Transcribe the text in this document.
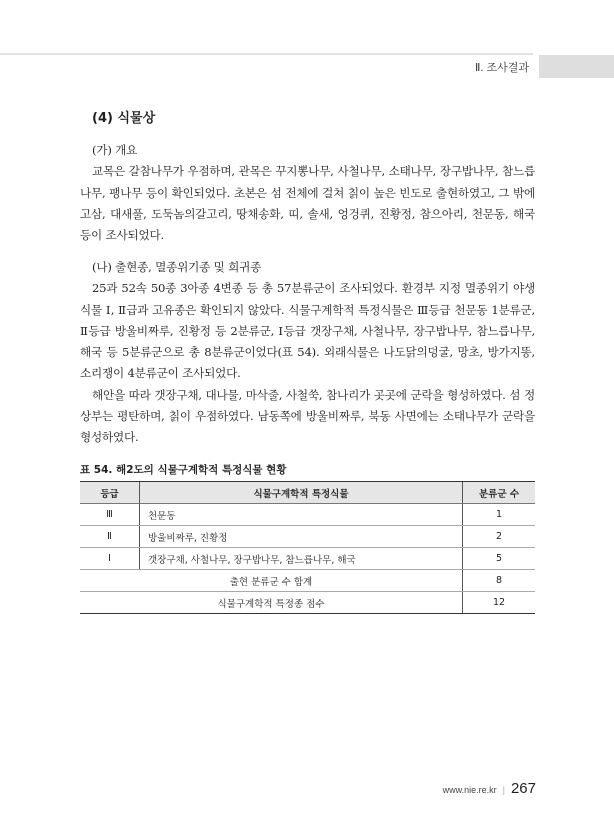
Ⅱ. 조사결과
(4) 식물상

(가) 개요

교목은 갈참나무가 우점하며, 관목은 꾸지뽕나무, 사철나무, 소태나무, 장구밥나무, 참느릅나무, 팽나무 등이 확인되었다. 초본은 섬 전체에 걸쳐 칡이 높은 빈도로 출현하였고, 그 밖에 고삼, 대새풀, 도둑놈의갈고리, 땅채송화, 띠, 솔새, 엉겅퀴, 진황정, 참으아리, 천문동, 해국 등이 조사되었다.

(나) 출현종, 멸종위기종 및 희귀종

25과 52속 50종 3아종 4변종 등 총 57분류군이 조사되었다. 환경부 지정 멸종위기 야생식물 Ⅰ, Ⅱ급과 고유종은 확인되지 않았다. 식물구계학적 특정식물은 Ⅲ등급 천문동 1분류군, Ⅱ등급 방울비짜루, 진황정 등 2분류군, Ⅰ등급 갯장구채, 사철나무, 장구밥나무, 참느릅나무, 해국 등 5분류군으로 총 8분류군이었다(표 54). 외래식물은 나도닭의덩굴, 망초, 방가지똥, 소리쟁이 4분류군이 조사되었다.

해안을 따라 갯장구채, 대나물, 마삭줄, 사철쑥, 참나리가 곳곳에 군락을 형성하였다. 섬 정상부는 평탄하며, 칡이 우점하였다. 남동쪽에 방울비짜루, 북동 사면에는 소태나무가 군락을 형성하였다.

표 54. 해2도의 식물구계학적 특정식물 현황
등급	식물구계학적 특정식물	분류군 수
Ⅲ	천문동	1
Ⅱ	방울비짜루, 진황정	2
Ⅰ	갯장구채, 사철나무, 장구밥나무, 참느릅나무, 해국	5
출현 분류군 수 합계		8
식물구계학적 특정종 점수		12
www.nie.re.kr | 267
